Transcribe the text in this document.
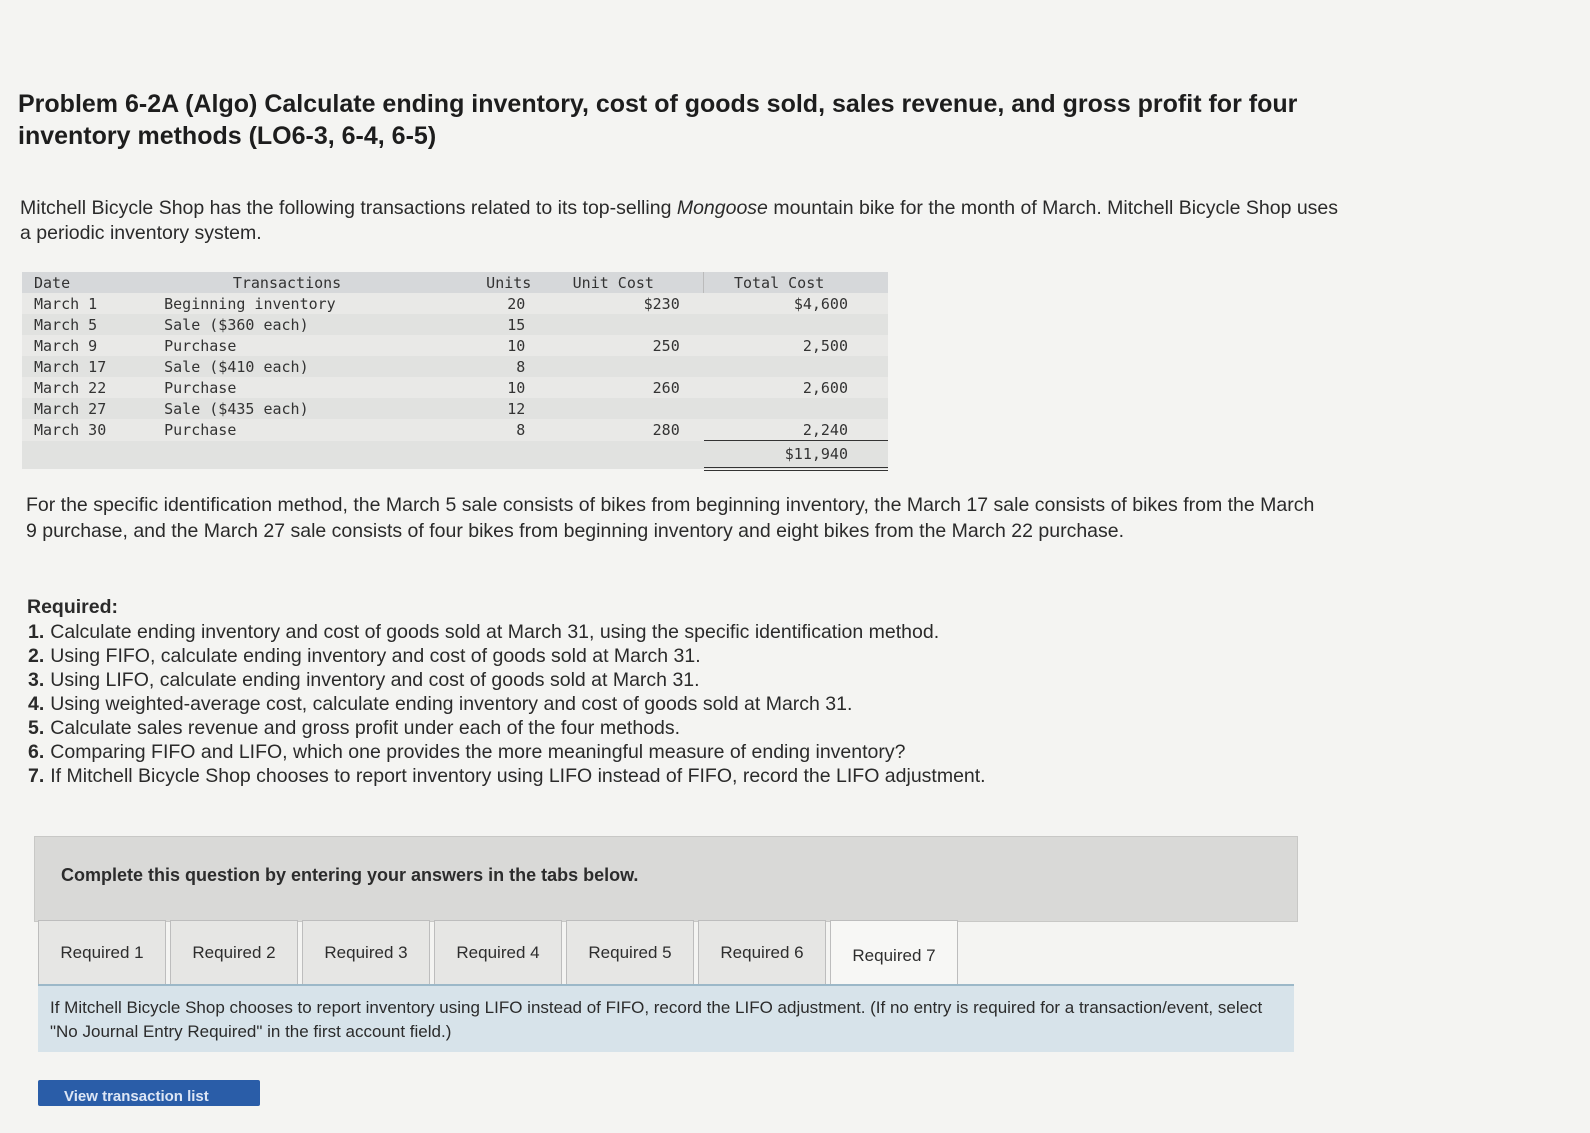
Problem 6-2A (Algo) Calculate ending inventory, cost of goods sold, sales revenue, and gross profit for four inventory methods (LO6-3, 6-4, 6-5)
Mitchell Bicycle Shop has the following transactions related to its top-selling Mongoose mountain bike for the month of March. Mitchell Bicycle Shop uses a periodic inventory system.
Date	Transactions	Units	Unit Cost	Total Cost
March 1	Beginning inventory	20	$230	$4,600
March 5	Sale ($360 each)	15		
March 9	Purchase	10	250	2,500
March 17	Sale ($410 each)	8		
March 22	Purchase	10	260	2,600
March 27	Sale ($435 each)	12		
March 30	Purchase	8	280	2,240
				$11,940
For the specific identification method, the March 5 sale consists of bikes from beginning inventory, the March 17 sale consists of bikes from the March 9 purchase, and the March 27 sale consists of four bikes from beginning inventory and eight bikes from the March 22 purchase.
Required:
1. Calculate ending inventory and cost of goods sold at March 31, using the specific identification method.
2. Using FIFO, calculate ending inventory and cost of goods sold at March 31.
3. Using LIFO, calculate ending inventory and cost of goods sold at March 31.
4. Using weighted-average cost, calculate ending inventory and cost of goods sold at March 31.
5. Calculate sales revenue and gross profit under each of the four methods.
6. Comparing FIFO and LIFO, which one provides the more meaningful measure of ending inventory?
7. If Mitchell Bicycle Shop chooses to report inventory using LIFO instead of FIFO, record the LIFO adjustment.
Complete this question by entering your answers in the tabs below.
Required 1	Required 2	Required 3	Required 4	Required 5	Required 6	Required 7
If Mitchell Bicycle Shop chooses to report inventory using LIFO instead of FIFO, record the LIFO adjustment. (If no entry is required for a transaction/event, select "No Journal Entry Required" in the first account field.)
View transaction list
